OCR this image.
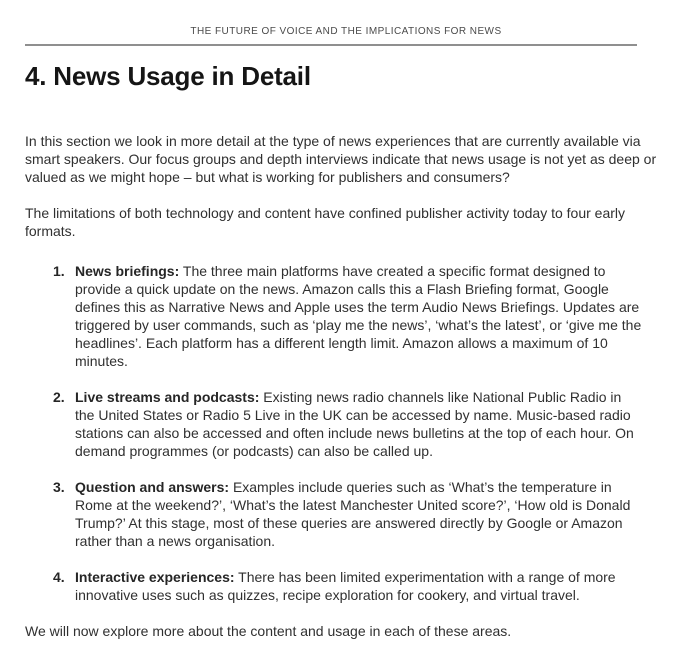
THE FUTURE OF VOICE AND THE IMPLICATIONS FOR NEWS
4. News Usage in Detail

In this section we look in more detail at the type of news experiences that are currently available via smart speakers. Our focus groups and depth interviews indicate that news usage is not yet as deep or valued as we might hope – but what is working for publishers and consumers?

The limitations of both technology and content have confined publisher activity today to four early formats.

1. News briefings: The three main platforms have created a specific format designed to provide a quick update on the news. Amazon calls this a Flash Briefing format, Google defines this as Narrative News and Apple uses the term Audio News Briefings. Updates are triggered by user commands, such as ‘play me the news’, ‘what’s the latest’, or ‘give me the headlines’. Each platform has a different length limit. Amazon allows a maximum of 10 minutes.
2. Live streams and podcasts: Existing news radio channels like National Public Radio in the United States or Radio 5 Live in the UK can be accessed by name. Music-based radio stations can also be accessed and often include news bulletins at the top of each hour. On demand programmes (or podcasts) can also be called up.
3. Question and answers: Examples include queries such as ‘What’s the temperature in Rome at the weekend?’, ‘What’s the latest Manchester United score?’, ‘How old is Donald Trump?’ At this stage, most of these queries are answered directly by Google or Amazon rather than a news organisation.
4. Interactive experiences: There has been limited experimentation with a range of more innovative uses such as quizzes, recipe exploration for cookery, and virtual travel.

We will now explore more about the content and usage in each of these areas.
